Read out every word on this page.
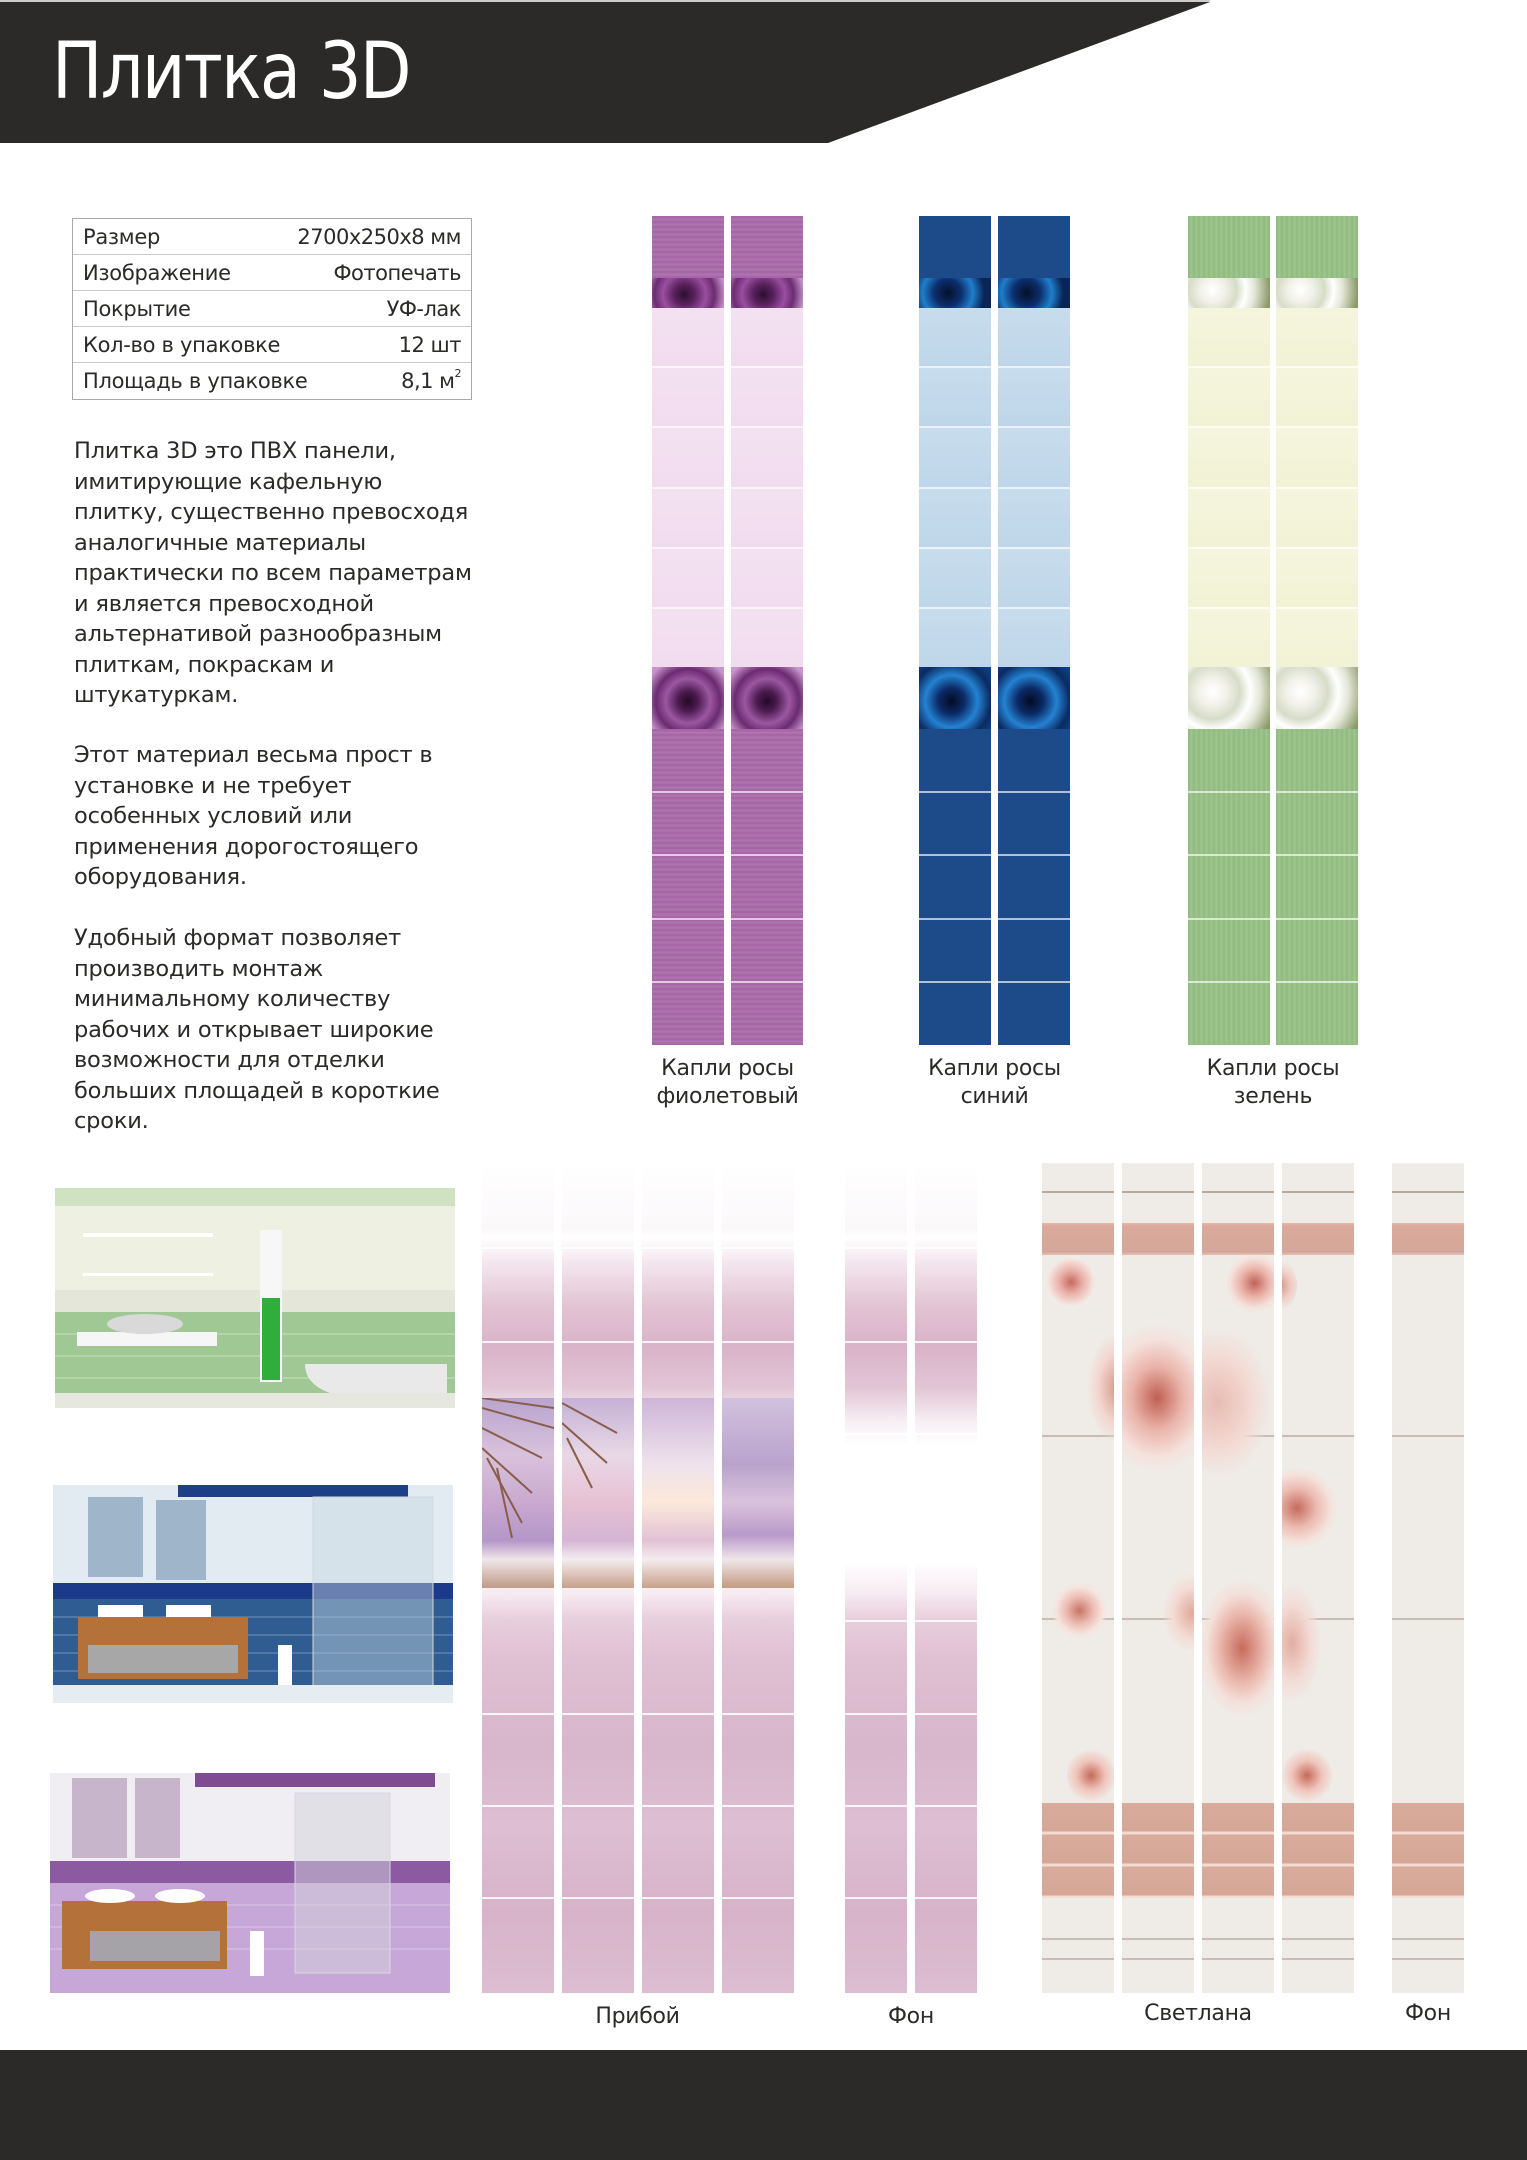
Плитка 3D
Размер	2700x250x8 мм
Изображение	Фотопечать
Покрытие	УФ-лак
Кол-во в упаковке	12 шт
Площадь в упаковке	8,1 $м^2$

Плитка 3D это ПВХ панели,
имитирующие кафельную
плитку, существенно превосходя
аналогичные материалы
практически по всем параметрам
и является превосходной
альтернативой разнообразным
плиткам, покраскам и
штукатуркам.

Этот материал весьма прост в
установке и не требует
особенных условий или
применения дорогостоящего
оборудования.

Удобный формат позволяет
производить монтаж
минимальному количеству
рабочих и открывает широкие
возможности для отделки
больших площадей в короткие
сроки.

Капли росы
фиолетовый
Капли росы
синий
Капли росы
зелень
Прибой	Фон	Светлана	Фон
